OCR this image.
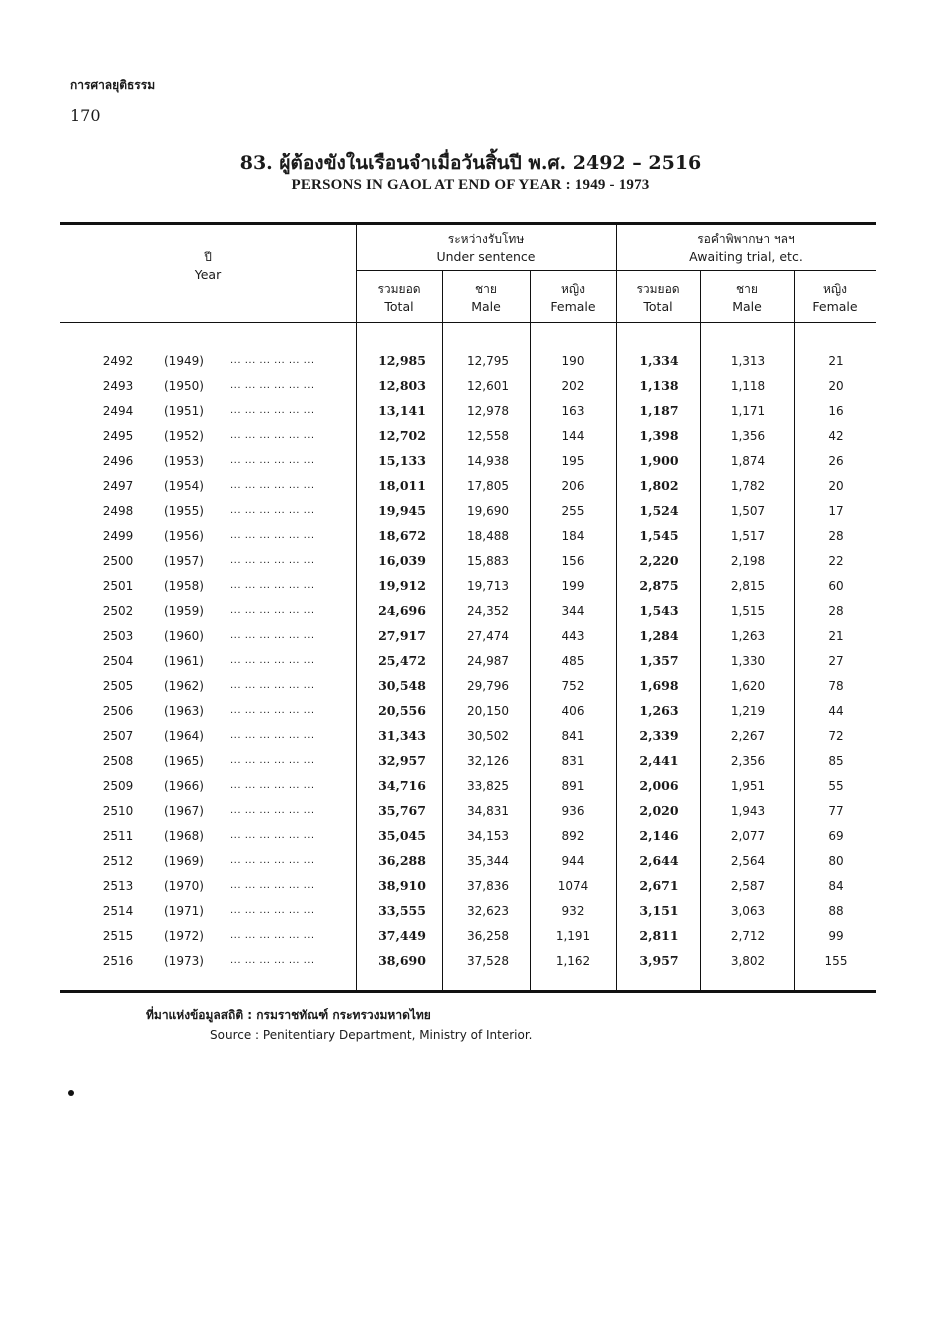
การศาลยุติธรรม
170
83. ผู้ต้องขังในเรือนจำเมื่อวันสิ้นปี พ.ศ. 2492 – 2516
PERSONS IN GAOL AT END OF YEAR : 1949 - 1973
ปี
Year
ระหว่างรับโทษ
Under sentence
รอคำพิพากษา ฯลฯ
Awaiting trial, etc.
รวมยอด
Total
ชาย
Male
หญิง
Female
รวมยอด
Total
ชาย
Male
หญิง
Female
2492	(1949)	... ... ... ... ... ...	12,985	12,795	190	1,334	1,313	21
2493	(1950)	... ... ... ... ... ...	12,803	12,601	202	1,138	1,118	20
2494	(1951)	... ... ... ... ... ...	13,141	12,978	163	1,187	1,171	16
2495	(1952)	... ... ... ... ... ...	12,702	12,558	144	1,398	1,356	42
2496	(1953)	... ... ... ... ... ...	15,133	14,938	195	1,900	1,874	26
2497	(1954)	... ... ... ... ... ...	18,011	17,805	206	1,802	1,782	20
2498	(1955)	... ... ... ... ... ...	19,945	19,690	255	1,524	1,507	17
2499	(1956)	... ... ... ... ... ...	18,672	18,488	184	1,545	1,517	28
2500	(1957)	... ... ... ... ... ...	16,039	15,883	156	2,220	2,198	22
2501	(1958)	... ... ... ... ... ...	19,912	19,713	199	2,875	2,815	60
2502	(1959)	... ... ... ... ... ...	24,696	24,352	344	1,543	1,515	28
2503	(1960)	... ... ... ... ... ...	27,917	27,474	443	1,284	1,263	21
2504	(1961)	... ... ... ... ... ...	25,472	24,987	485	1,357	1,330	27
2505	(1962)	... ... ... ... ... ...	30,548	29,796	752	1,698	1,620	78
2506	(1963)	... ... ... ... ... ...	20,556	20,150	406	1,263	1,219	44
2507	(1964)	... ... ... ... ... ...	31,343	30,502	841	2,339	2,267	72
2508	(1965)	... ... ... ... ... ...	32,957	32,126	831	2,441	2,356	85
2509	(1966)	... ... ... ... ... ...	34,716	33,825	891	2,006	1,951	55
2510	(1967)	... ... ... ... ... ...	35,767	34,831	936	2,020	1,943	77
2511	(1968)	... ... ... ... ... ...	35,045	34,153	892	2,146	2,077	69
2512	(1969)	... ... ... ... ... ...	36,288	35,344	944	2,644	2,564	80
2513	(1970)	... ... ... ... ... ...	38,910	37,836	1074	2,671	2,587	84
2514	(1971)	... ... ... ... ... ...	33,555	32,623	932	3,151	3,063	88
2515	(1972)	... ... ... ... ... ...	37,449	36,258	1,191	2,811	2,712	99
2516	(1973)	... ... ... ... ... ...	38,690	37,528	1,162	3,957	3,802	155
ที่มาแห่งข้อมูลสถิติ : กรมราชทัณฑ์ กระทรวงมหาดไทย
Source : Penitentiary Department, Ministry of Interior.
